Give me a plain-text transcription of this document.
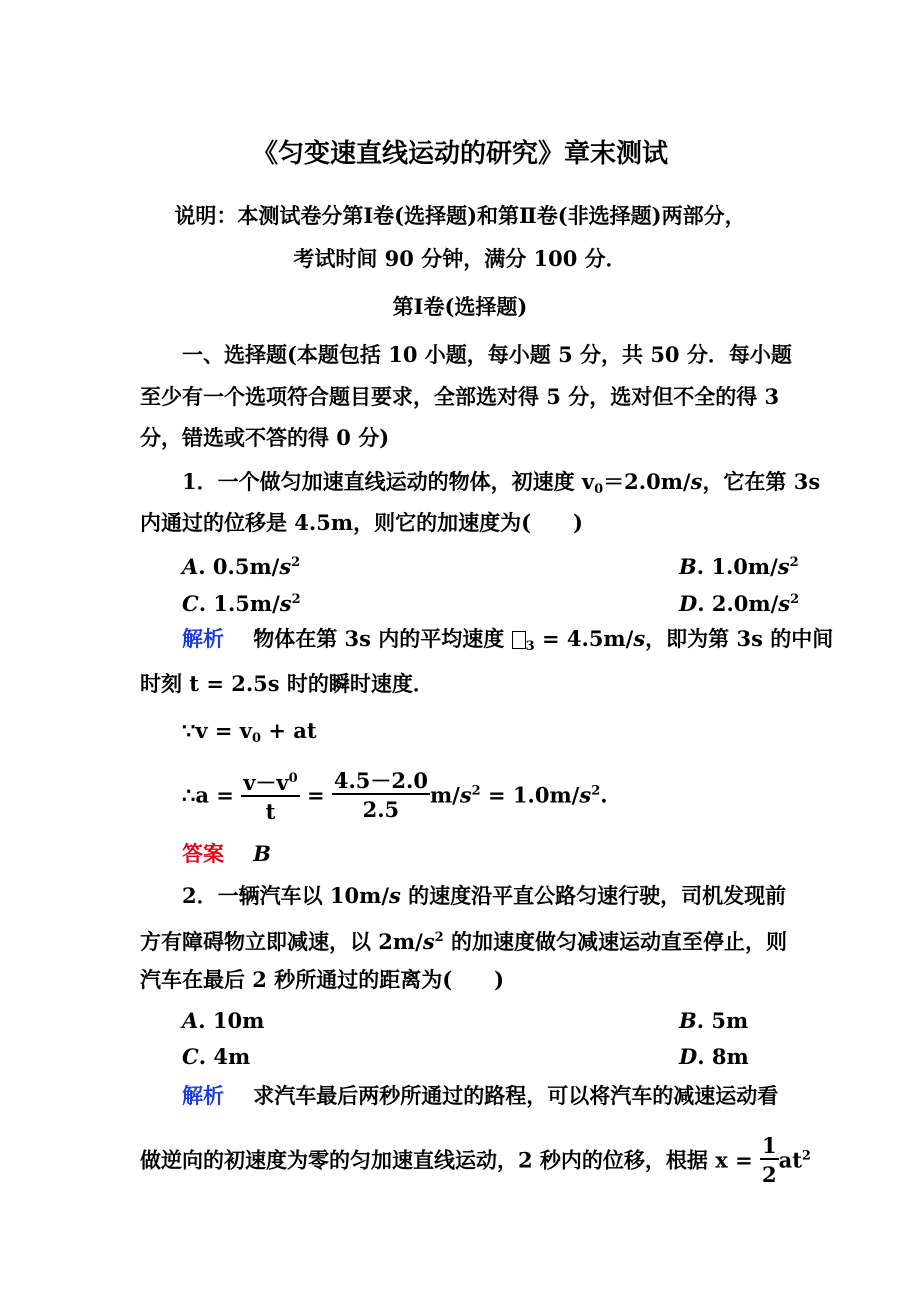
《匀变速直线运动的研究》章末测试
说明：本测试卷分第Ⅰ卷(选择题)和第Ⅱ卷(非选择题)两部分，
考试时间 90 分钟，满分 100 分．
第Ⅰ卷(选择题)
一、选择题(本题包括 10 小题，每小题 5 分，共 50 分．每小题
至少有一个选项符合题目要求，全部选对得 5 分，选对但不全的得 3
分，错选或不答的得 0 分)
1．一个做匀加速直线运动的物体，初速度 $v_0=2.0m/s$，它在第 3s
内通过的位移是 4.5m，则它的加速度为(　　)
A. $0.5m/s^2$	B. $1.0m/s^2$
C. $1.5m/s^2$	D. $2.0m/s^2$
解析 物体在第 3s 内的平均速度 $_3$ = 4.5m/s，即为第 3s 的中间
时刻 t = 2.5s 时的瞬时速度．
∵v = $v_0$ + at
∴a = $\frac{v-v^0}{t} = \frac{4.5-2.0}{2.5} m/s^2 = 1.0m/s^2$.
答案 B
2．一辆汽车以 10m/s 的速度沿平直公路匀速行驶，司机发现前
方有障碍物立即减速，以 $2m/s^2$ 的加速度做匀减速运动直至停止，则
汽车在最后 2 秒所通过的距离为(　　)
A. 10m	B. 5m
C. 4m	D. 8m
解析 求汽车最后两秒所通过的路程，可以将汽车的减速运动看
做逆向的初速度为零的匀加速直线运动，2 秒内的位移，根据 $x = \frac{1}{2} at^2$
